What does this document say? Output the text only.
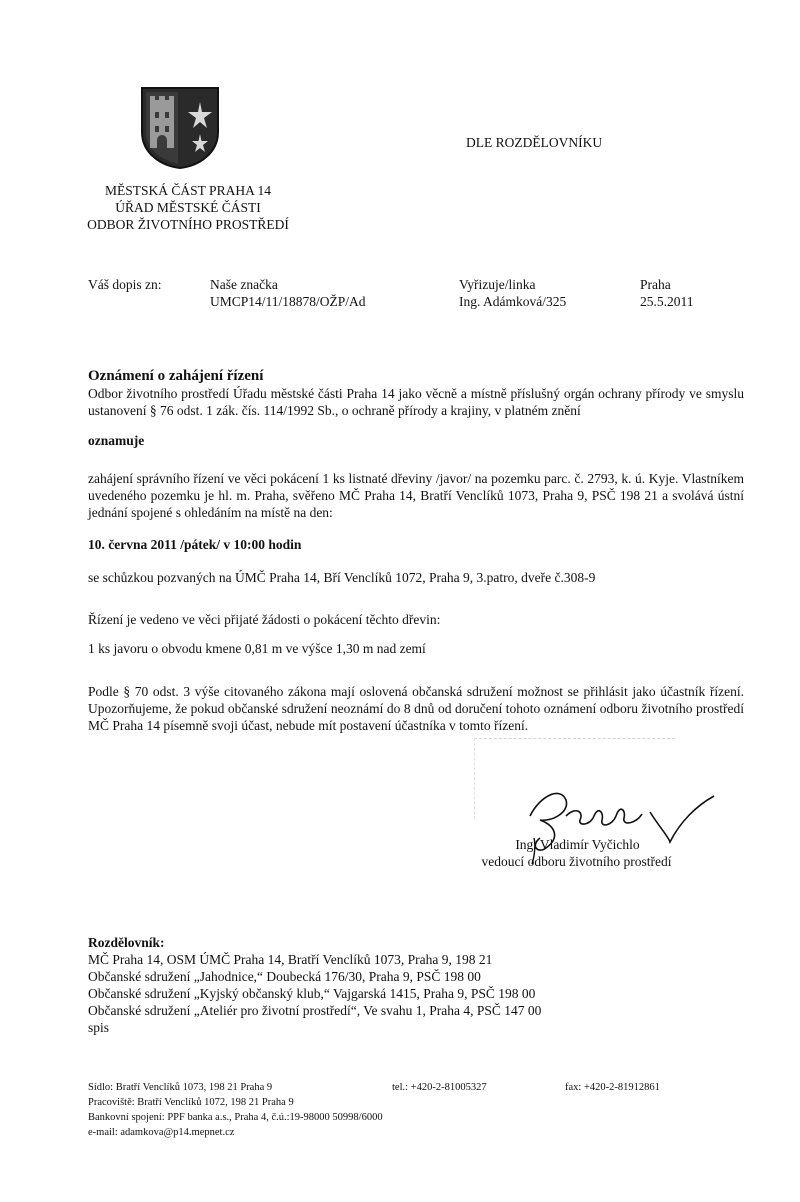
DLE ROZDĚLOVNÍKU
MĚSTSKÁ ČÁST PRAHA 14
ÚŘAD MĚSTSKÉ ČÁSTI
ODBOR ŽIVOTNÍHO PROSTŘEDÍ
Váš dopis zn:	Naše značka
UMCP14/11/18878/OŽP/Ad
Vyřizuje/linka
Ing. Adámková/325
Praha
25.5.2011
Oznámení o zahájení řízení
Odbor životního prostředí Úřadu městské části Praha 14 jako věcně a místně příslušný orgán ochrany přírody ve smyslu ustanovení § 76 odst. 1 zák. čís. 114/1992 Sb., o ochraně přírody a krajiny, v platném znění
oznamuje
zahájení správního řízení ve věci pokácení 1 ks listnaté dřeviny /javor/ na pozemku parc. č. 2793, k. ú. Kyje. Vlastníkem uvedeného pozemku je hl. m. Praha, svěřeno MČ Praha 14, Bratří Venclíků 1073, Praha 9, PSČ 198 21 a svolává ústní jednání spojené s ohledáním na místě na den:
10. června 2011 /pátek/ v 10:00 hodin
se schůzkou pozvaných na ÚMČ Praha 14, Bří Venclíků 1072, Praha 9, 3.patro, dveře č.308-9
Řízení je vedeno ve věci přijaté žádosti o pokácení těchto dřevin:
1 ks javoru o obvodu kmene 0,81 m ve výšce 1,30 m nad zemí
Podle § 70 odst. 3 výše citovaného zákona mají oslovená občanská sdružení možnost se přihlásit jako účastník řízení. Upozorňujeme, že pokud občanské sdružení neoznámí do 8 dnů od doručení tohoto oznámení odboru životního prostředí MČ Praha 14 písemně svoji účast, nebude mít postavení účastníka v tomto řízení.
Ing. Vladimír Vyčichlo
vedoucí odboru životního prostředí
Rozdělovník:
MČ Praha 14, OSM ÚMČ Praha 14, Bratří Venclíků 1073, Praha 9, 198 21
Občanské sdružení „Jahodnice,“ Doubecká 176/30, Praha 9, PSČ 198 00
Občanské sdružení „Kyjský občanský klub,“ Vajgarská 1415, Praha 9, PSČ 198 00
Občanské sdružení „Ateliér pro životní prostředí“, Ve svahu 1, Praha 4, PSČ 147 00
spis
Sídlo: Bratří Venclíků 1073, 198 21 Praha 9
Pracoviště: Bratří Venclíků 1072, 198 21 Praha 9
Bankovní spojení: PPF banka a.s., Praha 4, č.ú.:19-98000 50998/6000
e-mail: adamkova@p14.mepnet.cz
tel.: +420-2-81005327	fax: +420-2-81912861
